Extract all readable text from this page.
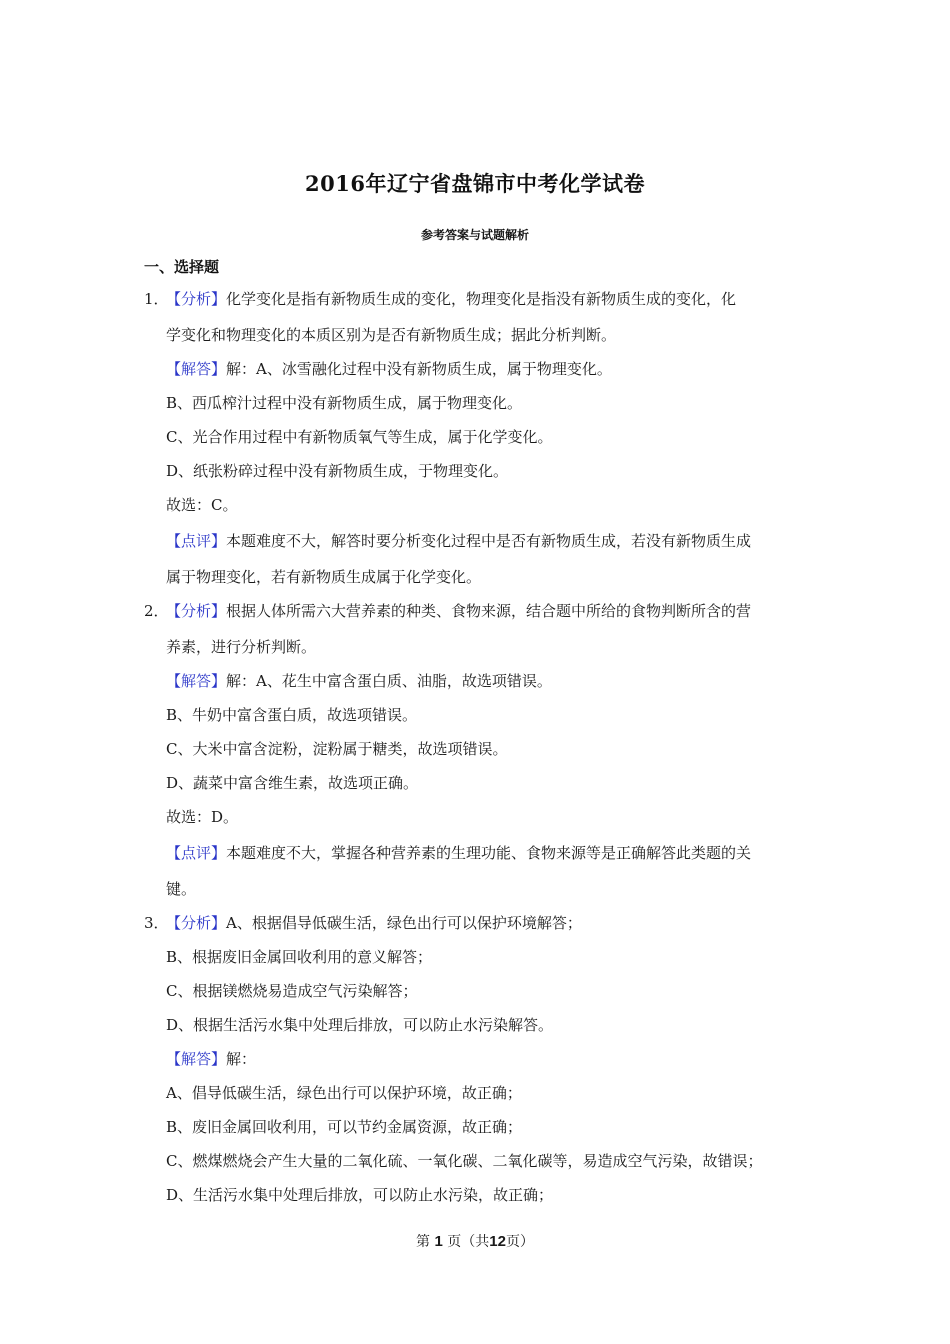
2016年辽宁省盘锦市中考化学试卷
参考答案与试题解析
一、选择题
1．
【分析】化学变化是指有新物质生成的变化，物理变化是指没有新物质生成的变化，化
学变化和物理变化的本质区别为是否有新物质生成；据此分析判断。
【解答】解：A、冰雪融化过程中没有新物质生成，属于物理变化。
B、西瓜榨汁过程中没有新物质生成，属于物理变化。
C、光合作用过程中有新物质氧气等生成，属于化学变化。
D、纸张粉碎过程中没有新物质生成，于物理变化。
故选：C。
【点评】本题难度不大，解答时要分析变化过程中是否有新物质生成，若没有新物质生成
属于物理变化，若有新物质生成属于化学变化。
2．
【分析】根据人体所需六大营养素的种类、食物来源，结合题中所给的食物判断所含的营
养素，进行分析判断。
【解答】解：A、花生中富含蛋白质、油脂，故选项错误。
B、牛奶中富含蛋白质，故选项错误。
C、大米中富含淀粉，淀粉属于糖类，故选项错误。
D、蔬菜中富含维生素，故选项正确。
故选：D。
【点评】本题难度不大，掌握各种营养素的生理功能、食物来源等是正确解答此类题的关
键。
3．
【分析】A、根据倡导低碳生活，绿色出行可以保护环境解答；
B、根据废旧金属回收利用的意义解答；
C、根据镁燃烧易造成空气污染解答；
D、根据生活污水集中处理后排放，可以防止水污染解答。
【解答】解：
A、倡导低碳生活，绿色出行可以保护环境，故正确；
B、废旧金属回收利用，可以节约金属资源，故正确；
C、燃煤燃烧会产生大量的二氧化硫、一氧化碳、二氧化碳等，易造成空气污染，故错误；
D、生活污水集中处理后排放，可以防止水污染，故正确；
第 1 页（共12页）
